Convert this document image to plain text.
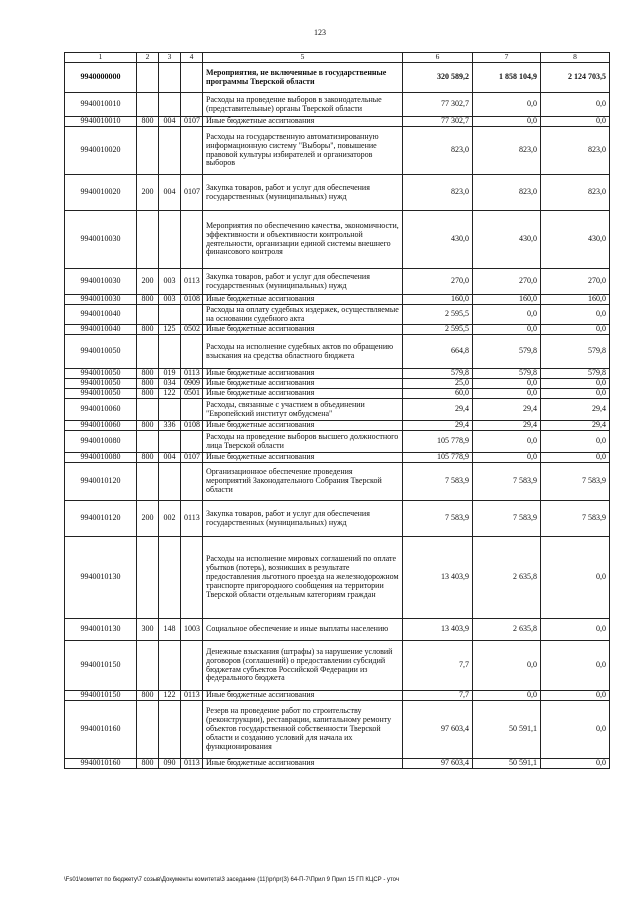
123
1	2	3	4	5	6	7	8
9940000000				Мероприятия, не включенные в государственные программы Тверской области	320 589,2	1 858 104,9	2 124 703,5
9940010010				Расходы на проведение выборов в законодательные (представительные) органы Тверской области	77 302,7	0,0	0,0
9940010010	800	004	0107	Иные бюджетные ассигнования	77 302,7	0,0	0,0
9940010020				Расходы на государственную автоматизированную информационную систему "Выборы", повышение правовой культуры избирателей и организаторов выборов	823,0	823,0	823,0
9940010020	200	004	0107	Закупка товаров, работ и услуг для обеспечения государственных (муниципальных) нужд	823,0	823,0	823,0
9940010030				Мероприятия по обеспечению качества, экономичности, эффективности и объективности контрольной деятельности, организации единой системы внешнего финансового контроля	430,0	430,0	430,0
9940010030	200	003	0113	Закупка товаров, работ и услуг для обеспечения государственных (муниципальных) нужд	270,0	270,0	270,0
9940010030	800	003	0108	Иные бюджетные ассигнования	160,0	160,0	160,0
9940010040				Расходы на оплату судебных издержек, осуществляемые на основании судебного акта	2 595,5	0,0	0,0
9940010040	800	125	0502	Иные бюджетные ассигнования	2 595,5	0,0	0,0
9940010050				Расходы на исполнение судебных актов по обращению взыскания на средства областного бюджета	664,8	579,8	579,8
9940010050	800	019	0113	Иные бюджетные ассигнования	579,8	579,8	579,8
9940010050	800	034	0909	Иные бюджетные ассигнования	25,0	0,0	0,0
9940010050	800	122	0501	Иные бюджетные ассигнования	60,0	0,0	0,0
9940010060				Расходы, связанные с участием в объединении "Европейский институт омбудсмена"	29,4	29,4	29,4
9940010060	800	336	0108	Иные бюджетные ассигнования	29,4	29,4	29,4
9940010080				Расходы на проведение выборов высшего должностного лица Тверской области	105 778,9	0,0	0,0
9940010080	800	004	0107	Иные бюджетные ассигнования	105 778,9	0,0	0,0
9940010120				Организационное обеспечение проведения мероприятий Законодательного Собрания Тверской области	7 583,9	7 583,9	7 583,9
9940010120	200	002	0113	Закупка товаров, работ и услуг для обеспечения государственных (муниципальных) нужд	7 583,9	7 583,9	7 583,9
9940010130				Расходы на исполнение мировых соглашений по оплате убытков (потерь), возникших в результате предоставления льготного проезда на железнодорожном транспорте пригородного сообщения на территории Тверской области отдельным категориям граждан	13 403,9	2 635,8	0,0
9940010130	300	148	1003	Социальное обеспечение и иные выплаты населению	13 403,9	2 635,8	0,0
9940010150				Денежные взыскания (штрафы) за нарушение условий договоров (соглашений) о предоставлении субсидий бюджетам субъектов Российской Федерации из федерального бюджета	7,7	0,0	0,0
9940010150	800	122	0113	Иные бюджетные ассигнования	7,7	0,0	0,0
9940010160				Резерв на проведение работ по строительству (реконструкции), реставрации, капитальному ремонту объектов государственной собственности Тверской области и созданию условий для начала их функционирования	97 603,4	50 591,1	0,0
9940010160	800	090	0113	Иные бюджетные ассигнования	97 603,4	50 591,1	0,0
\Fs01\комитет по бюджету\7 созыв\Документы комитета\3 заседание (11)\pr\pr(3) 64-П-7\Прил 9 Прил 15 ГП КЦСР - уточ
